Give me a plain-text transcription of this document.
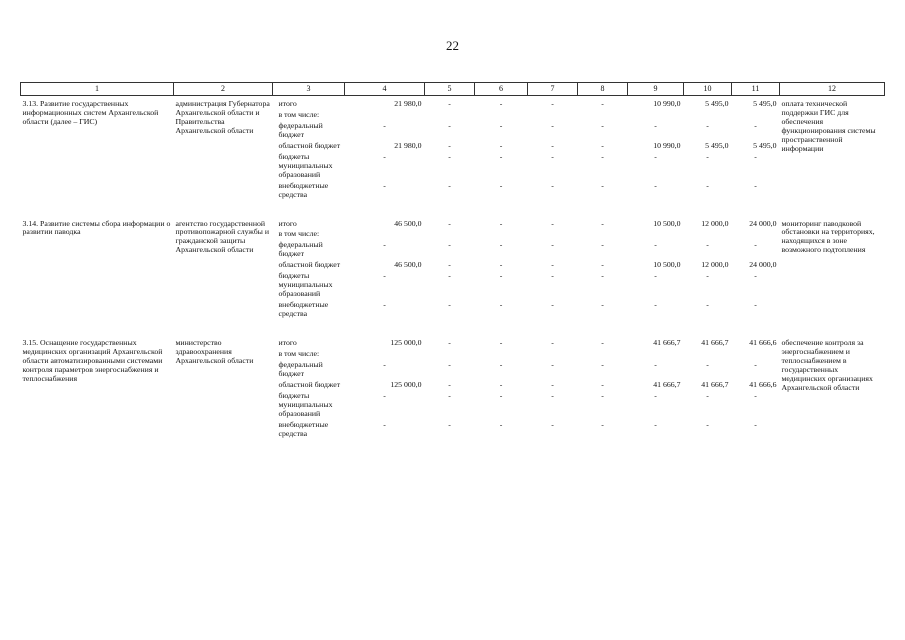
22
1	2	3	4	5	6	7	8	9	10	11	12
3.13. Развитие государственных информационных систем Архангельской области (далее – ГИС)	администрация Губернатора Архангельской области и Правительства Архангельской области	итого	21 980,0	-	-	-	-	10 990,0	5 495,0	5 495,0	оплата технической поддержки ГИС для обеспечения функционирования системы пространственной информации
		в том числе:									
		федеральный бюджет	-	-	-	-	-	-	-	-	
		областной бюджет	21 980,0	-	-	-	-	10 990,0	5 495,0	5 495,0	
		бюджеты муниципальных образований	-	-	-	-	-	-	-	-	
		внебюджетные средства	-	-	-	-	-	-	-	-	

3.14. Развитие системы сбора информации о развитии паводка	агентство государственной противопожарной службы и гражданской защиты Архангельской области	итого	46 500,0	-	-	-	-	10 500,0	12 000,0	24 000,0	мониторинг паводковой обстановки на территориях, находящихся в зоне возможного подтопления
		в том числе:									
		федеральный бюджет	-	-	-	-	-	-	-	-	
		областной бюджет	46 500,0	-	-	-	-	10 500,0	12 000,0	24 000,0	
		бюджеты муниципальных образований	-	-	-	-	-	-	-	-	
		внебюджетные средства	-	-	-	-	-	-	-	-	

3.15. Оснащение государственных медицинских организаций Архангельской области автоматизированными системами контроля параметров энергоснабжения и теплоснабжения	министерство здравоохранения Архангельской области	итого	125 000,0	-	-	-	-	41 666,7	41 666,7	41 666,6	обеспечение контроля за энергоснабжением и теплоснабжением в государственных медицинских организациях Архангельской области
		в том числе:									
		федеральный бюджет	-	-	-	-	-	-	-	-	
		областной бюджет	125 000,0	-	-	-	-	41 666,7	41 666,7	41 666,6	
		бюджеты муниципальных образований	-	-	-	-	-	-	-	-	
		внебюджетные средства	-	-	-	-	-	-	-	-	
